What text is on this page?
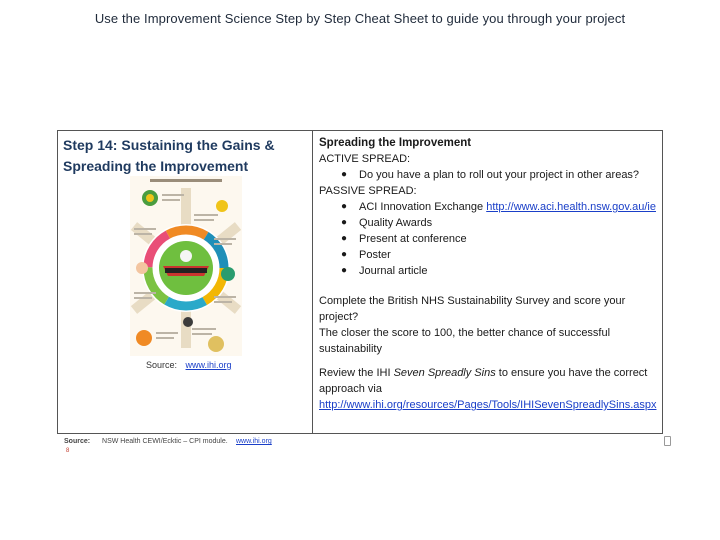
Use the Improvement Science Step by Step Cheat Sheet to guide you through your project
Step 14: Sustaining the Gains & Spreading the Improvement
Source: www.ihi.org
Spreading the Improvement
ACTIVE SPREAD:
● Do you have a plan to roll out your project in other areas?
PASSIVE SPREAD:
● ACI Innovation Exchange http://www.aci.health.nsw.gov.au/ie
● Quality Awards
● Present at conference
● Poster
● Journal article
Complete the British NHS Sustainability Survey and score your project?
The closer the score to 100, the better chance of successful sustainability
Review the IHI Seven Spreadly Sins to ensure you have the correct
approach via
http://www.ihi.org/resources/Pages/Tools/IHISevenSpreadlySins.aspx
Source: NSW Health CEWI/Ecktic – CPI module. www.ihi.org
8
